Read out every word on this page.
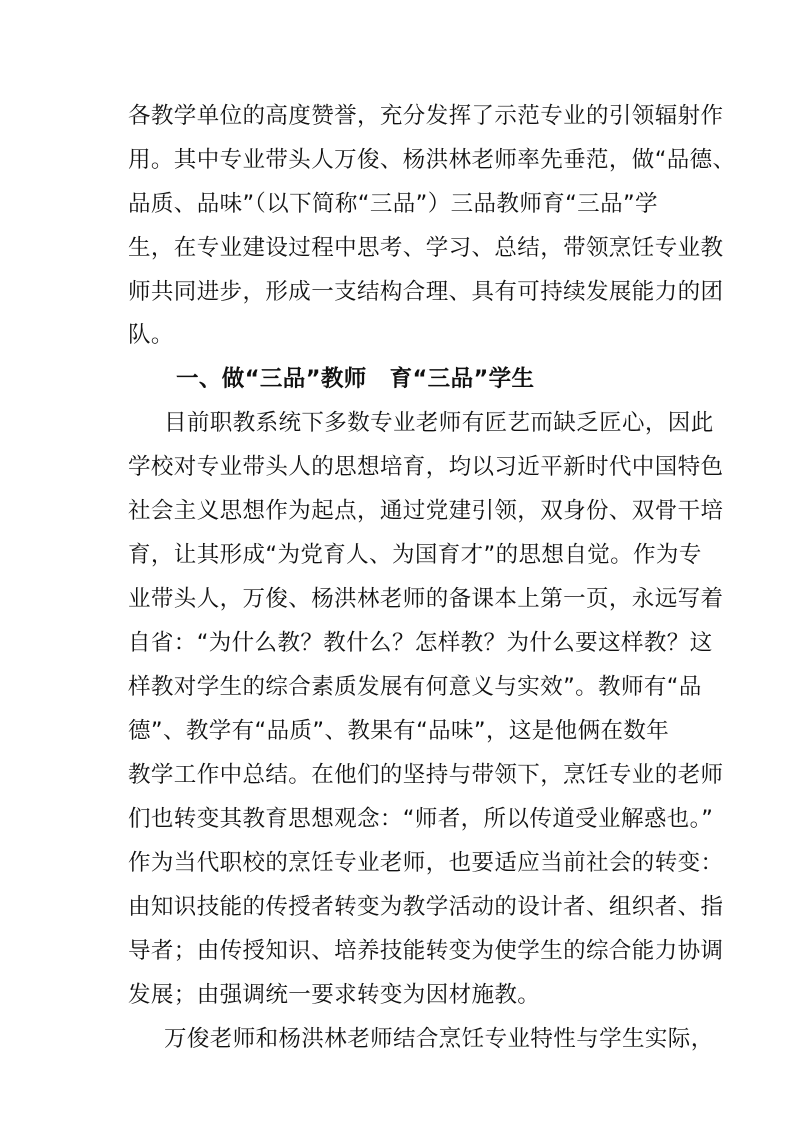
各教学单位的高度赞誉，充分发挥了示范专业的引领辐射作
用。其中专业带头人万俊、杨洪林老师率先垂范，做“品德、
品质、品味”（以下简称“三品”）三品教师育“三品”学
生，在专业建设过程中思考、学习、总结，带领烹饪专业教
师共同进步，形成一支结构合理、具有可持续发展能力的团
队。
一、做“三品”教师　育“三品”学生
目前职教系统下多数专业老师有匠艺而缺乏匠心，因此
学校对专业带头人的思想培育，均以习近平新时代中国特色
社会主义思想作为起点，通过党建引领，双身份、双骨干培
育，让其形成“为党育人、为国育才”的思想自觉。作为专
业带头人，万俊、杨洪林老师的备课本上第一页，永远写着
自省：“为什么教？教什么？怎样教？为什么要这样教？这
样教对学生的综合素质发展有何意义与实效”。教师有“品
德”、教学有“品质”、教果有“品味”，这是他俩在数年
教学工作中总结。在他们的坚持与带领下，烹饪专业的老师
们也转变其教育思想观念：“师者，所以传道受业解惑也。”
作为当代职校的烹饪专业老师，也要适应当前社会的转变：
由知识技能的传授者转变为教学活动的设计者、组织者、指
导者；由传授知识、培养技能转变为使学生的综合能力协调
发展；由强调统一要求转变为因材施教。
万俊老师和杨洪林老师结合烹饪专业特性与学生实际，
